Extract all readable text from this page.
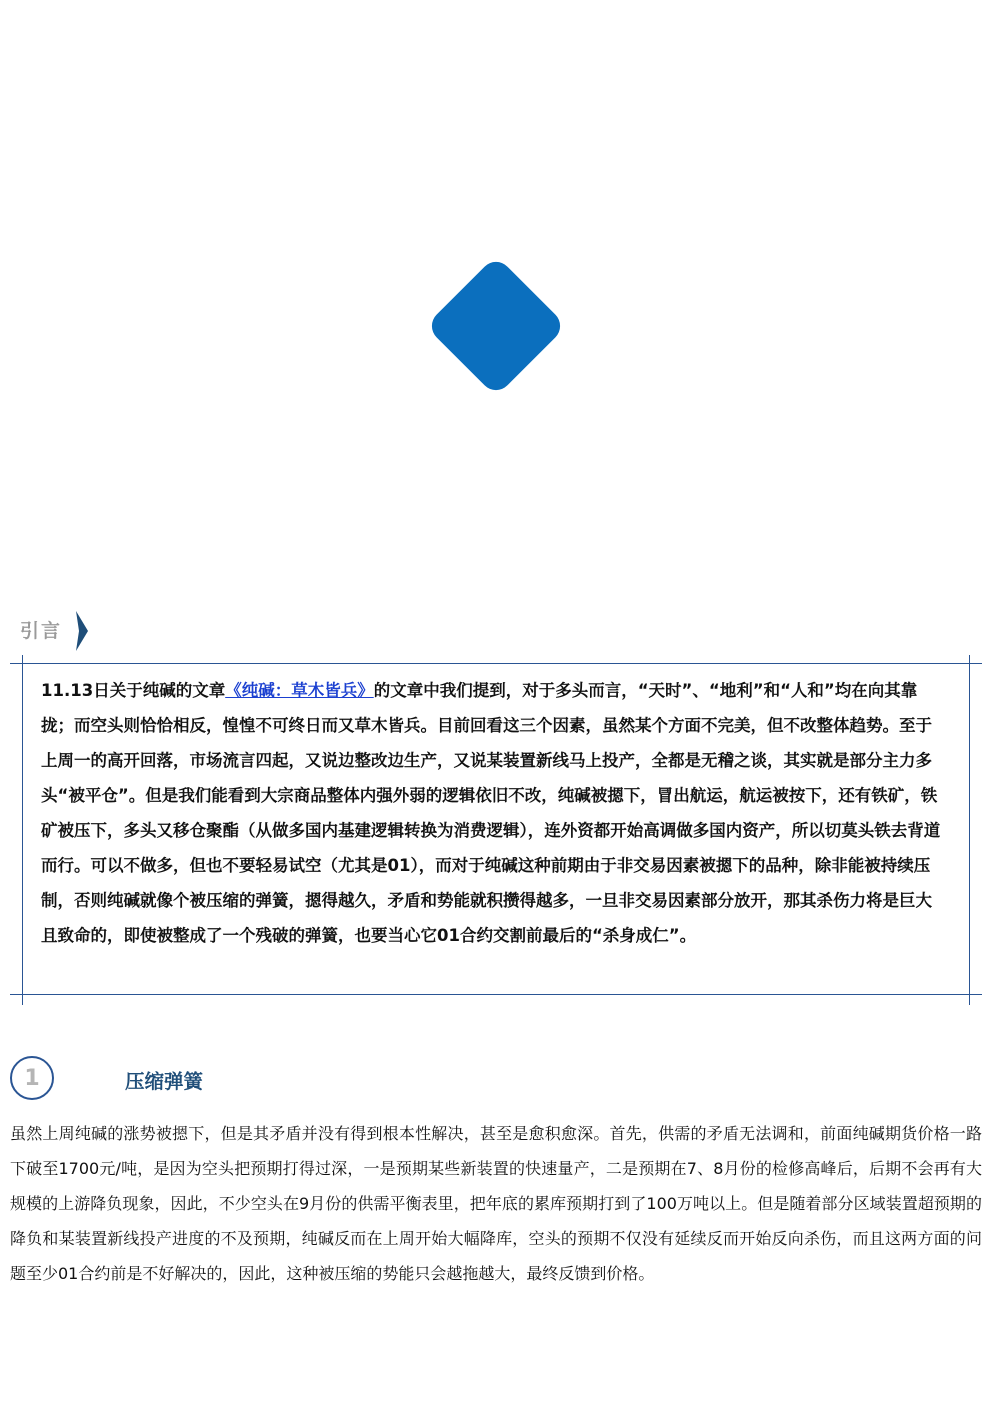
引言
11.13日关于纯碱的文章《纯碱：草木皆兵》的文章中我们提到，对于多头而言，“天时”、“地利”和“人和”均在向其靠拢；而空头则恰恰相反，惶惶不可终日而又草木皆兵。目前回看这三个因素，虽然某个方面不完美，但不改整体趋势。至于上周一的高开回落，市场流言四起，又说边整改边生产，又说某装置新线马上投产，全都是无稽之谈，其实就是部分主力多头“被平仓”。但是我们能看到大宗商品整体内强外弱的逻辑依旧不改，纯碱被摁下，冒出航运，航运被按下，还有铁矿，铁矿被压下，多头又移仓聚酯（从做多国内基建逻辑转换为消费逻辑），连外资都开始高调做多国内资产，所以切莫头铁去背道而行。可以不做多，但也不要轻易试空（尤其是01），而对于纯碱这种前期由于非交易因素被摁下的品种，除非能被持续压制，否则纯碱就像个被压缩的弹簧，摁得越久，矛盾和势能就积攒得越多，一旦非交易因素部分放开，那其杀伤力将是巨大且致命的，即使被整成了一个残破的弹簧，也要当心它01合约交割前最后的“杀身成仁”。
1	压缩弹簧
虽然上周纯碱的涨势被摁下，但是其矛盾并没有得到根本性解决，甚至是愈积愈深。首先，供需的矛盾无法调和，前面纯碱期货价格一路下破至1700元/吨，是因为空头把预期打得过深，一是预期某些新装置的快速量产，二是预期在7、8月份的检修高峰后，后期不会再有大规模的上游降负现象，因此，不少空头在9月份的供需平衡表里，把年底的累库预期打到了100万吨以上。但是随着部分区域装置超预期的降负和某装置新线投产进度的不及预期，纯碱反而在上周开始大幅降库，空头的预期不仅没有延续反而开始反向杀伤，而且这两方面的问题至少01合约前是不好解决的，因此，这种被压缩的势能只会越拖越大，最终反馈到价格。
